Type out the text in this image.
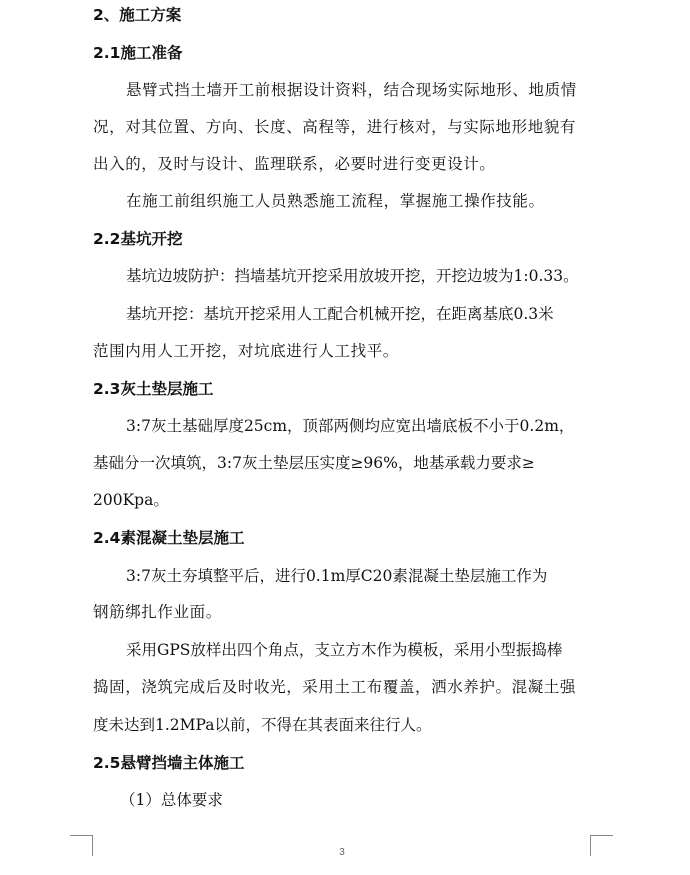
2、施工方案
2.1施工准备
悬臂式挡土墙开工前根据设计资料，结合现场实际地形、地质情
况，对其位置、方向、长度、高程等，进行核对，与实际地形地貌有
出入的，及时与设计、监理联系，必要时进行变更设计。
在施工前组织施工人员熟悉施工流程，掌握施工操作技能。
2.2基坑开挖
基坑边坡防护：挡墙基坑开挖采用放坡开挖，开挖边坡为1:0.33。
基坑开挖：基坑开挖采用人工配合机械开挖，在距离基底0.3米
范围内用人工开挖，对坑底进行人工找平。
2.3灰土垫层施工
3:7灰土基础厚度25cm，顶部两侧均应宽出墙底板不小于0.2m，
基础分一次填筑，3:7灰土垫层压实度≥96%，地基承载力要求≥
200Kpa。
2.4素混凝土垫层施工
3:7灰土夯填整平后，进行0.1m厚C20素混凝土垫层施工作为
钢筋绑扎作业面。
采用GPS放样出四个角点，支立方木作为模板，采用小型振捣棒
捣固，浇筑完成后及时收光，采用土工布覆盖，洒水养护。混凝土强
度未达到1.2MPa以前，不得在其表面来往行人。
2.5悬臂挡墙主体施工
（1）总体要求
3
